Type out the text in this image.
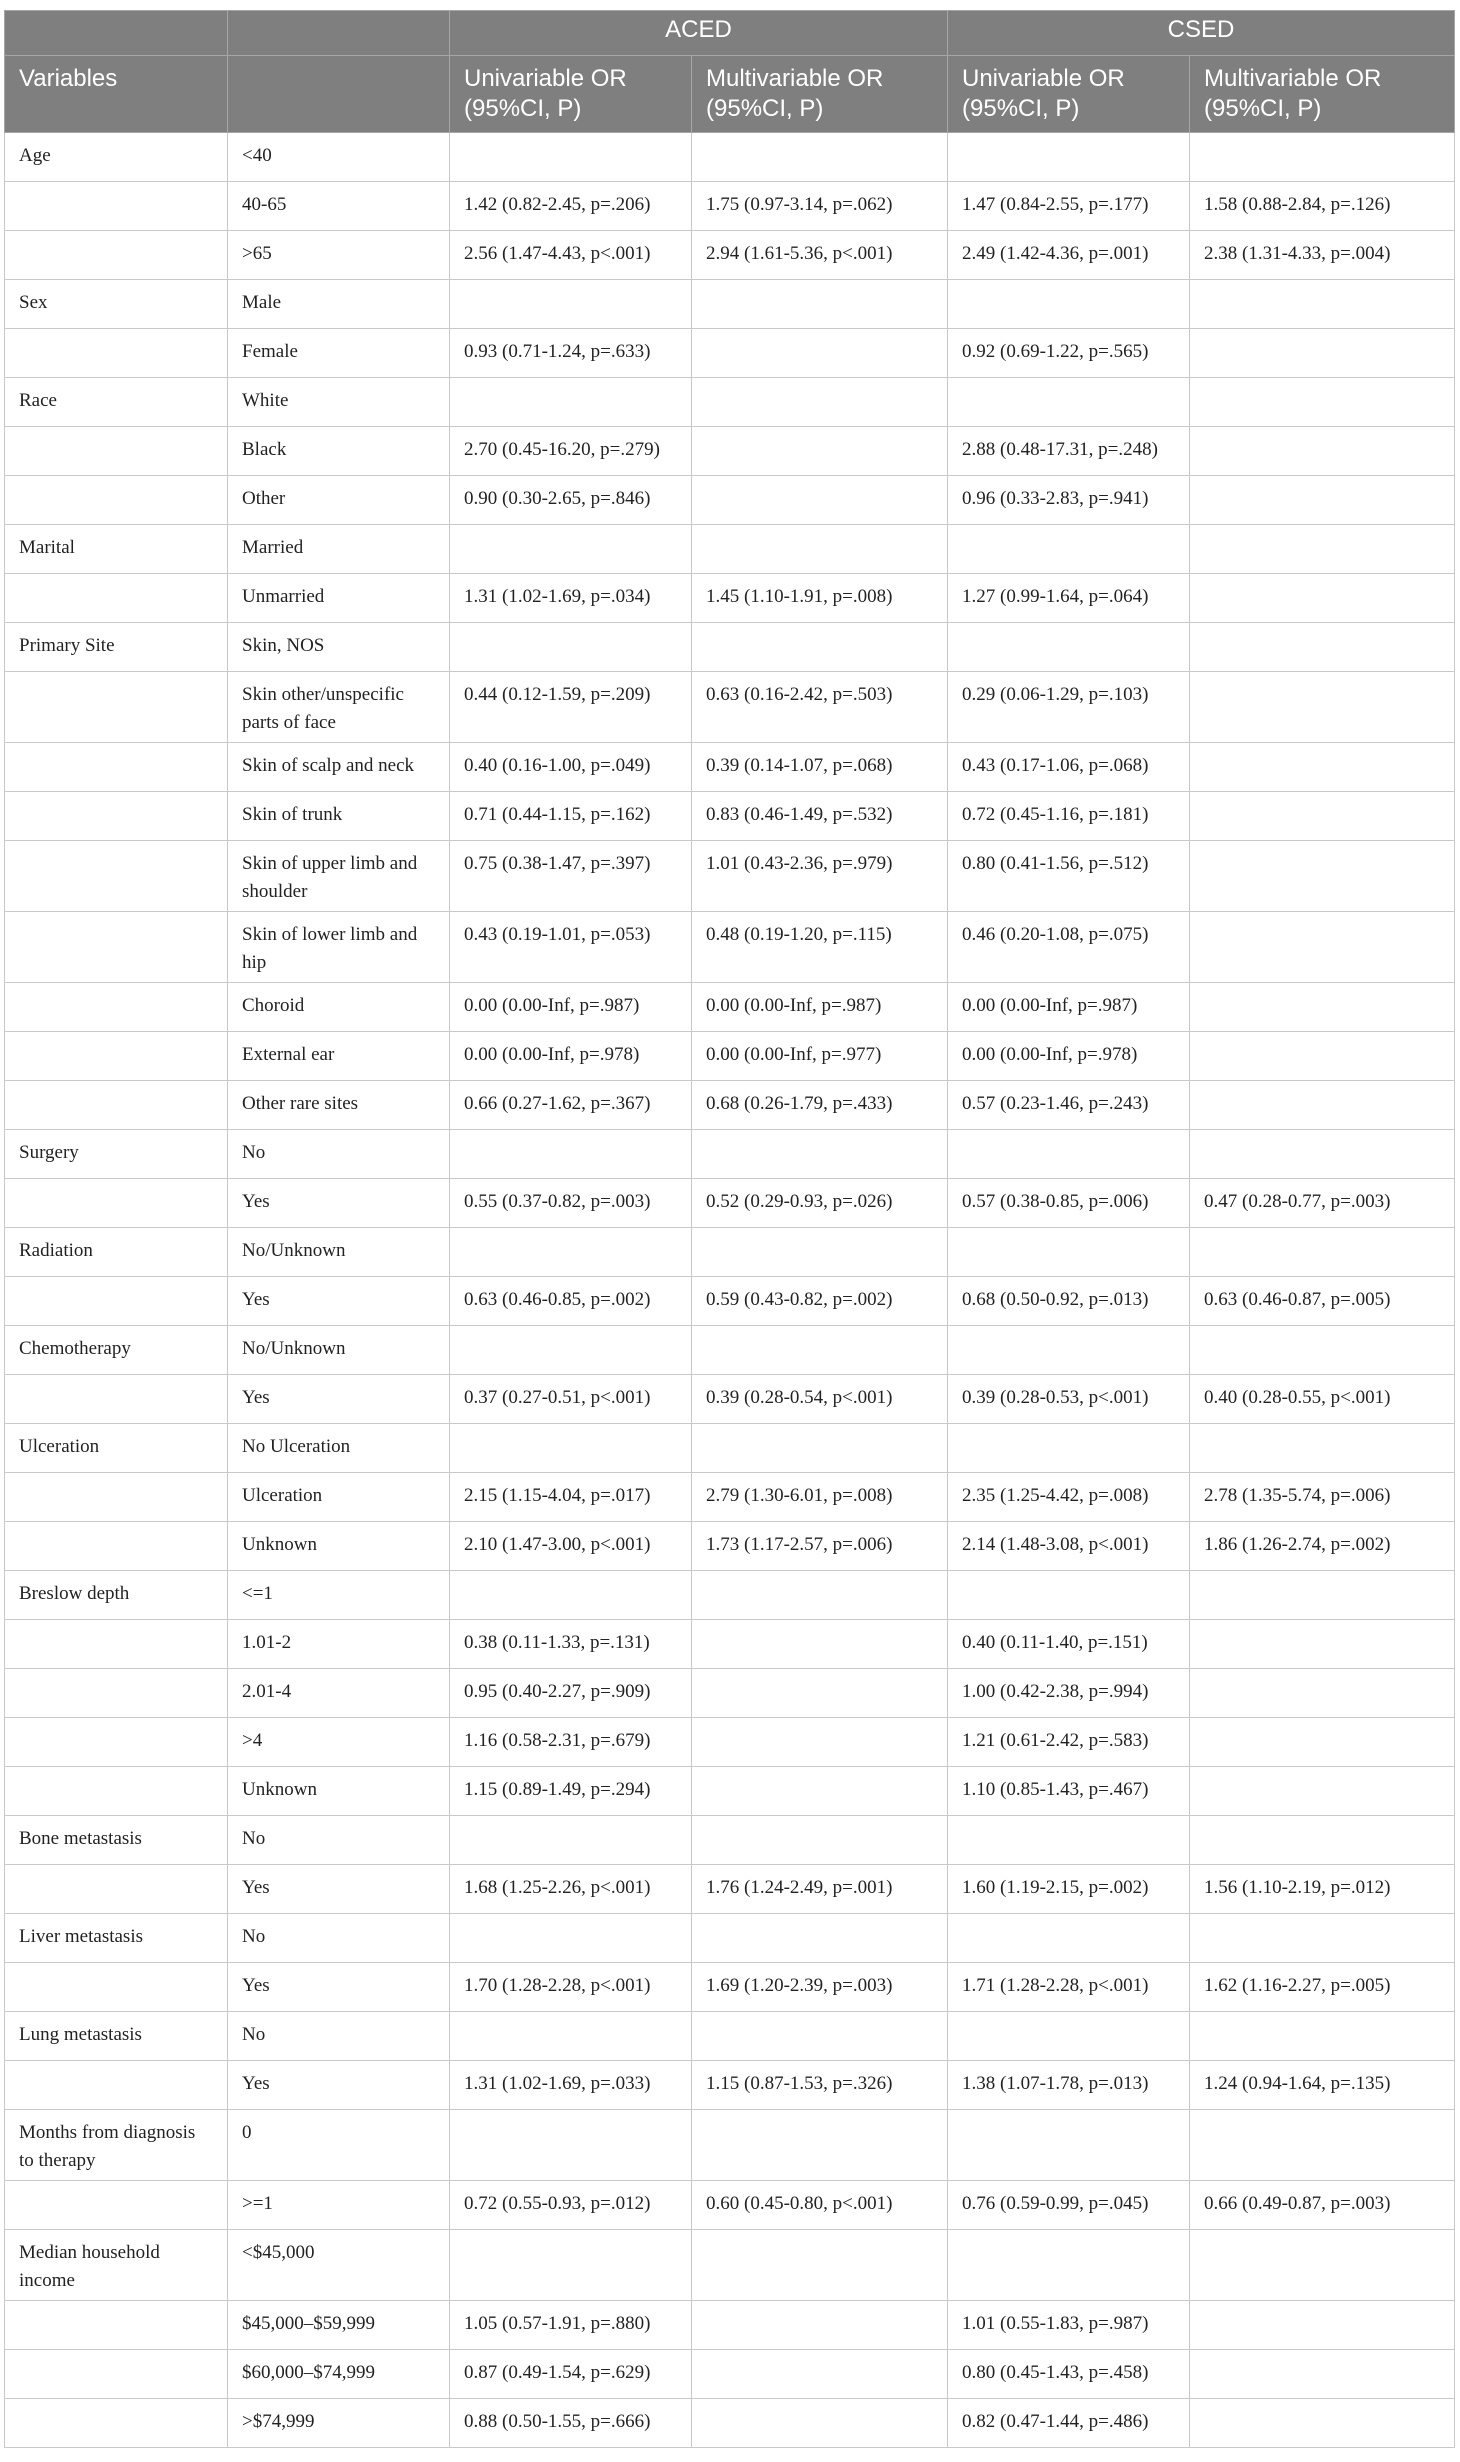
		ACED		CSED	
Variables		Univariable OR (95%CI, P)	Multivariable OR (95%CI, P)	Univariable OR (95%CI, P)	Multivariable OR (95%CI, P)
Age	<40				
	40-65	1.42 (0.82-2.45, p=.206)	1.75 (0.97-3.14, p=.062)	1.47 (0.84-2.55, p=.177)	1.58 (0.88-2.84, p=.126)
	>65	2.56 (1.47-4.43, p<.001)	2.94 (1.61-5.36, p<.001)	2.49 (1.42-4.36, p=.001)	2.38 (1.31-4.33, p=.004)
Sex	Male				
	Female	0.93 (0.71-1.24, p=.633)		0.92 (0.69-1.22, p=.565)	
Race	White				
	Black	2.70 (0.45-16.20, p=.279)		2.88 (0.48-17.31, p=.248)	
	Other	0.90 (0.30-2.65, p=.846)		0.96 (0.33-2.83, p=.941)	
Marital	Married				
	Unmarried	1.31 (1.02-1.69, p=.034)	1.45 (1.10-1.91, p=.008)	1.27 (0.99-1.64, p=.064)	
Primary Site	Skin, NOS				
	Skin other/unspecific parts of face	0.44 (0.12-1.59, p=.209)	0.63 (0.16-2.42, p=.503)	0.29 (0.06-1.29, p=.103)	
	Skin of scalp and neck	0.40 (0.16-1.00, p=.049)	0.39 (0.14-1.07, p=.068)	0.43 (0.17-1.06, p=.068)	
	Skin of trunk	0.71 (0.44-1.15, p=.162)	0.83 (0.46-1.49, p=.532)	0.72 (0.45-1.16, p=.181)	
	Skin of upper limb and shoulder	0.75 (0.38-1.47, p=.397)	1.01 (0.43-2.36, p=.979)	0.80 (0.41-1.56, p=.512)	
	Skin of lower limb and hip	0.43 (0.19-1.01, p=.053)	0.48 (0.19-1.20, p=.115)	0.46 (0.20-1.08, p=.075)	
	Choroid	0.00 (0.00-Inf, p=.987)	0.00 (0.00-Inf, p=.987)	0.00 (0.00-Inf, p=.987)	
	External ear	0.00 (0.00-Inf, p=.978)	0.00 (0.00-Inf, p=.977)	0.00 (0.00-Inf, p=.978)	
	Other rare sites	0.66 (0.27-1.62, p=.367)	0.68 (0.26-1.79, p=.433)	0.57 (0.23-1.46, p=.243)	
Surgery	No				
	Yes	0.55 (0.37-0.82, p=.003)	0.52 (0.29-0.93, p=.026)	0.57 (0.38-0.85, p=.006)	0.47 (0.28-0.77, p=.003)
Radiation	No/Unknown				
	Yes	0.63 (0.46-0.85, p=.002)	0.59 (0.43-0.82, p=.002)	0.68 (0.50-0.92, p=.013)	0.63 (0.46-0.87, p=.005)
Chemotherapy	No/Unknown				
	Yes	0.37 (0.27-0.51, p<.001)	0.39 (0.28-0.54, p<.001)	0.39 (0.28-0.53, p<.001)	0.40 (0.28-0.55, p<.001)
Ulceration	No Ulceration				
	Ulceration	2.15 (1.15-4.04, p=.017)	2.79 (1.30-6.01, p=.008)	2.35 (1.25-4.42, p=.008)	2.78 (1.35-5.74, p=.006)
	Unknown	2.10 (1.47-3.00, p<.001)	1.73 (1.17-2.57, p=.006)	2.14 (1.48-3.08, p<.001)	1.86 (1.26-2.74, p=.002)
Breslow depth	<=1				
	1.01-2	0.38 (0.11-1.33, p=.131)		0.40 (0.11-1.40, p=.151)	
	2.01-4	0.95 (0.40-2.27, p=.909)		1.00 (0.42-2.38, p=.994)	
	>4	1.16 (0.58-2.31, p=.679)		1.21 (0.61-2.42, p=.583)	
	Unknown	1.15 (0.89-1.49, p=.294)		1.10 (0.85-1.43, p=.467)	
Bone metastasis	No				
	Yes	1.68 (1.25-2.26, p<.001)	1.76 (1.24-2.49, p=.001)	1.60 (1.19-2.15, p=.002)	1.56 (1.10-2.19, p=.012)
Liver metastasis	No				
	Yes	1.70 (1.28-2.28, p<.001)	1.69 (1.20-2.39, p=.003)	1.71 (1.28-2.28, p<.001)	1.62 (1.16-2.27, p=.005)
Lung metastasis	No				
	Yes	1.31 (1.02-1.69, p=.033)	1.15 (0.87-1.53, p=.326)	1.38 (1.07-1.78, p=.013)	1.24 (0.94-1.64, p=.135)
Months from diagnosis to therapy	0				
	>=1	0.72 (0.55-0.93, p=.012)	0.60 (0.45-0.80, p<.001)	0.76 (0.59-0.99, p=.045)	0.66 (0.49-0.87, p=.003)
Median household income	<$45,000				
	$45,000–$59,999	1.05 (0.57-1.91, p=.880)		1.01 (0.55-1.83, p=.987)	
	$60,000–$74,999	0.87 (0.49-1.54, p=.629)		0.80 (0.45-1.43, p=.458)	
	>$74,999	0.88 (0.50-1.55, p=.666)		0.82 (0.47-1.44, p=.486)	
